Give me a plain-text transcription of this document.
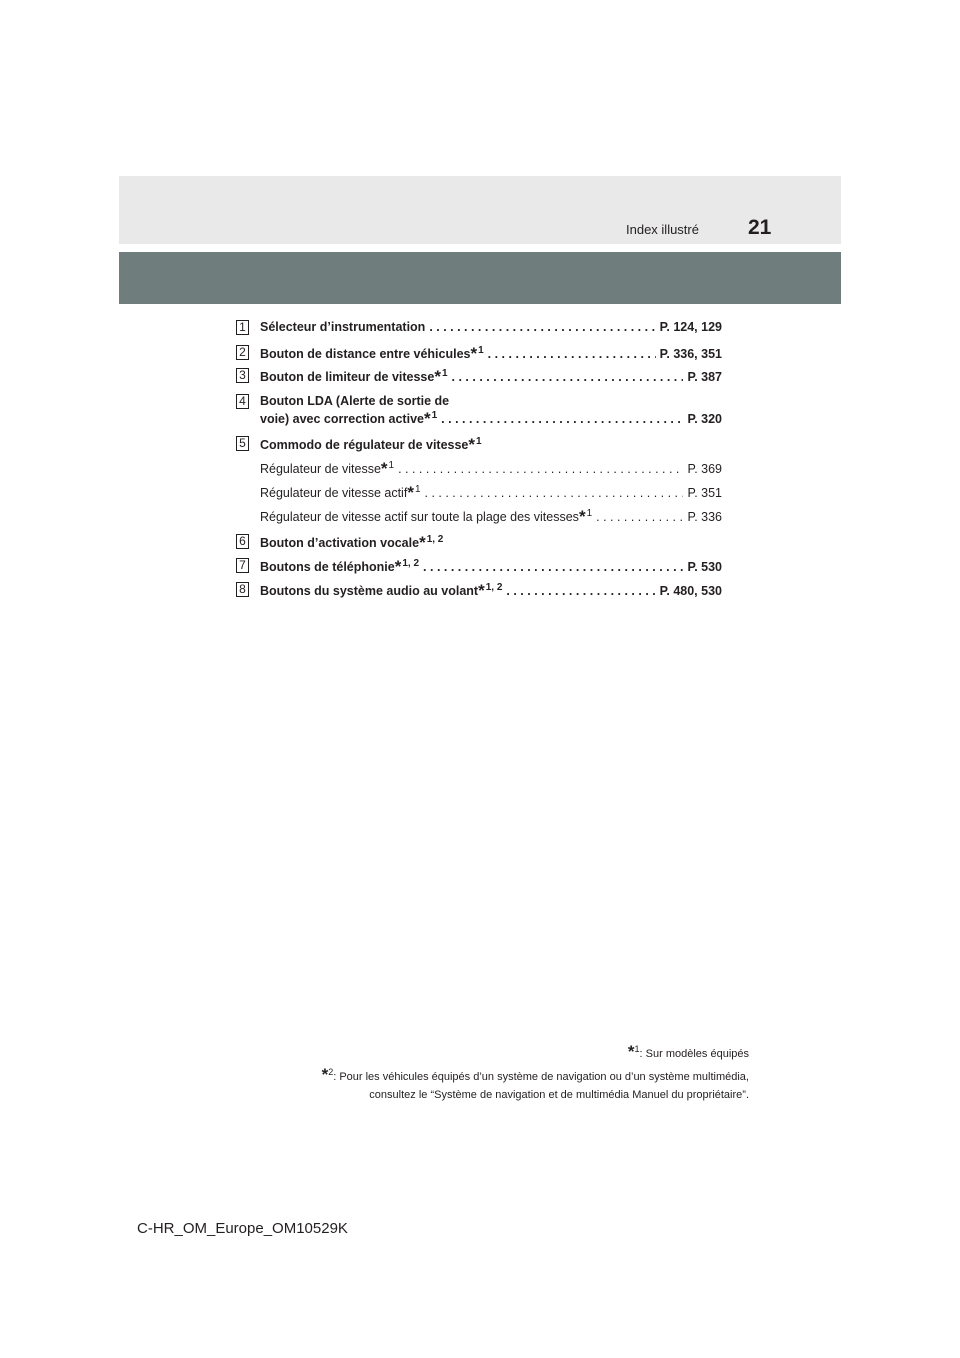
Index illustré 21
1 Sélecteur d’instrumentation . . .	P. 124, 129
2 Bouton de distance entre véhicules*$^1$ . . .	P. 336, 351
3 Bouton de limiteur de vitesse*$^1$ . . .	P. 387
4 Bouton LDA (Alerte de sortie de
voie) avec correction active*$^1$ . . .	P. 320
5 Commodo de régulateur de vitesse*$^1$
Régulateur de vitesse*$^1$ . . .	P. 369
Régulateur de vitesse actif*$^1$ . . .	P. 351
Régulateur de vitesse actif sur toute la plage des vitesses*$^1$ . . .	P. 336
6 Bouton d’activation vocale*$^{1, 2}$
7 Boutons de téléphonie*$^{1, 2}$ . . .	P. 530
8 Boutons du système audio au volant*$^{1, 2}$ . . .	P. 480, 530
*$^1$: Sur modèles équipés
*$^2$: Pour les véhicules équipés d’un système de navigation ou d’un système multimédia,
consultez le “Système de navigation et de multimédia Manuel du propriétaire”.
C-HR_OM_Europe_OM10529K
